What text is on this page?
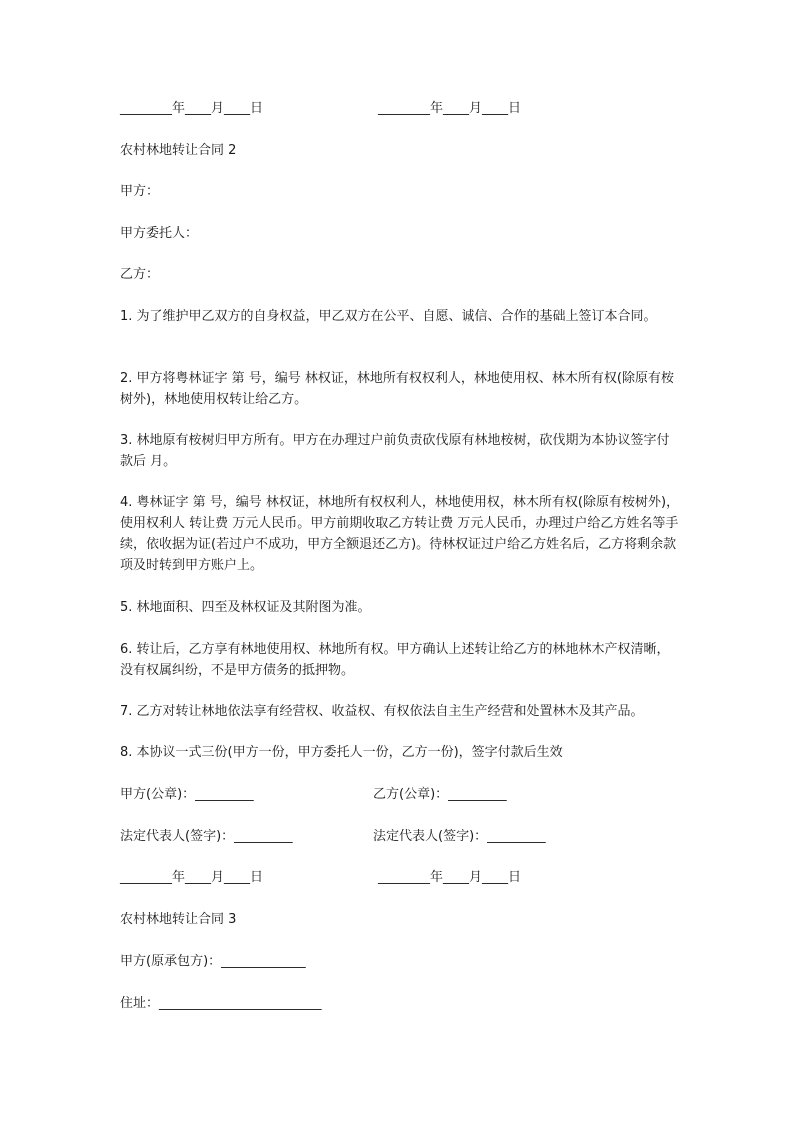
________年____月____日	________年____月____日
农村林地转让合同 2
甲方：
甲方委托人：
乙方：
1. 为了维护甲乙双方的自身权益，甲乙双方在公平、自愿、诚信、合作的基础上签订本合同。
2. 甲方将粤林证字 第 号，编号 林权证，林地所有权权利人，林地使用权、林木所有权(除原有桉树外)，林地使用权转让给乙方。
3. 林地原有桉树归甲方所有。甲方在办理过户前负责砍伐原有林地桉树，砍伐期为本协议签字付款后 月。
4. 粤林证字 第 号，编号 林权证，林地所有权权利人，林地使用权，林木所有权(除原有桉树外)，使用权利人 转让费 万元人民币。甲方前期收取乙方转让费 万元人民币，办理过户给乙方姓名等手续，依收据为证(若过户不成功，甲方全额退还乙方)。待林权证过户给乙方姓名后，乙方将剩余款项及时转到甲方账户上。
5. 林地面积、四至及林权证及其附图为准。
6. 转让后，乙方享有林地使用权、林地所有权。甲方确认上述转让给乙方的林地林木产权清晰，没有权属纠纷，不是甲方债务的抵押物。
7. 乙方对转让林地依法享有经营权、收益权、有权依法自主生产经营和处置林木及其产品。
8. 本协议一式三份(甲方一份，甲方委托人一份，乙方一份)，签字付款后生效
甲方(公章)：_________	乙方(公章)：_________
法定代表人(签字)：_________	法定代表人(签字)：_________
________年____月____日	________年____月____日
农村林地转让合同 3
甲方(原承包方)：_____________
住址：_________________________
